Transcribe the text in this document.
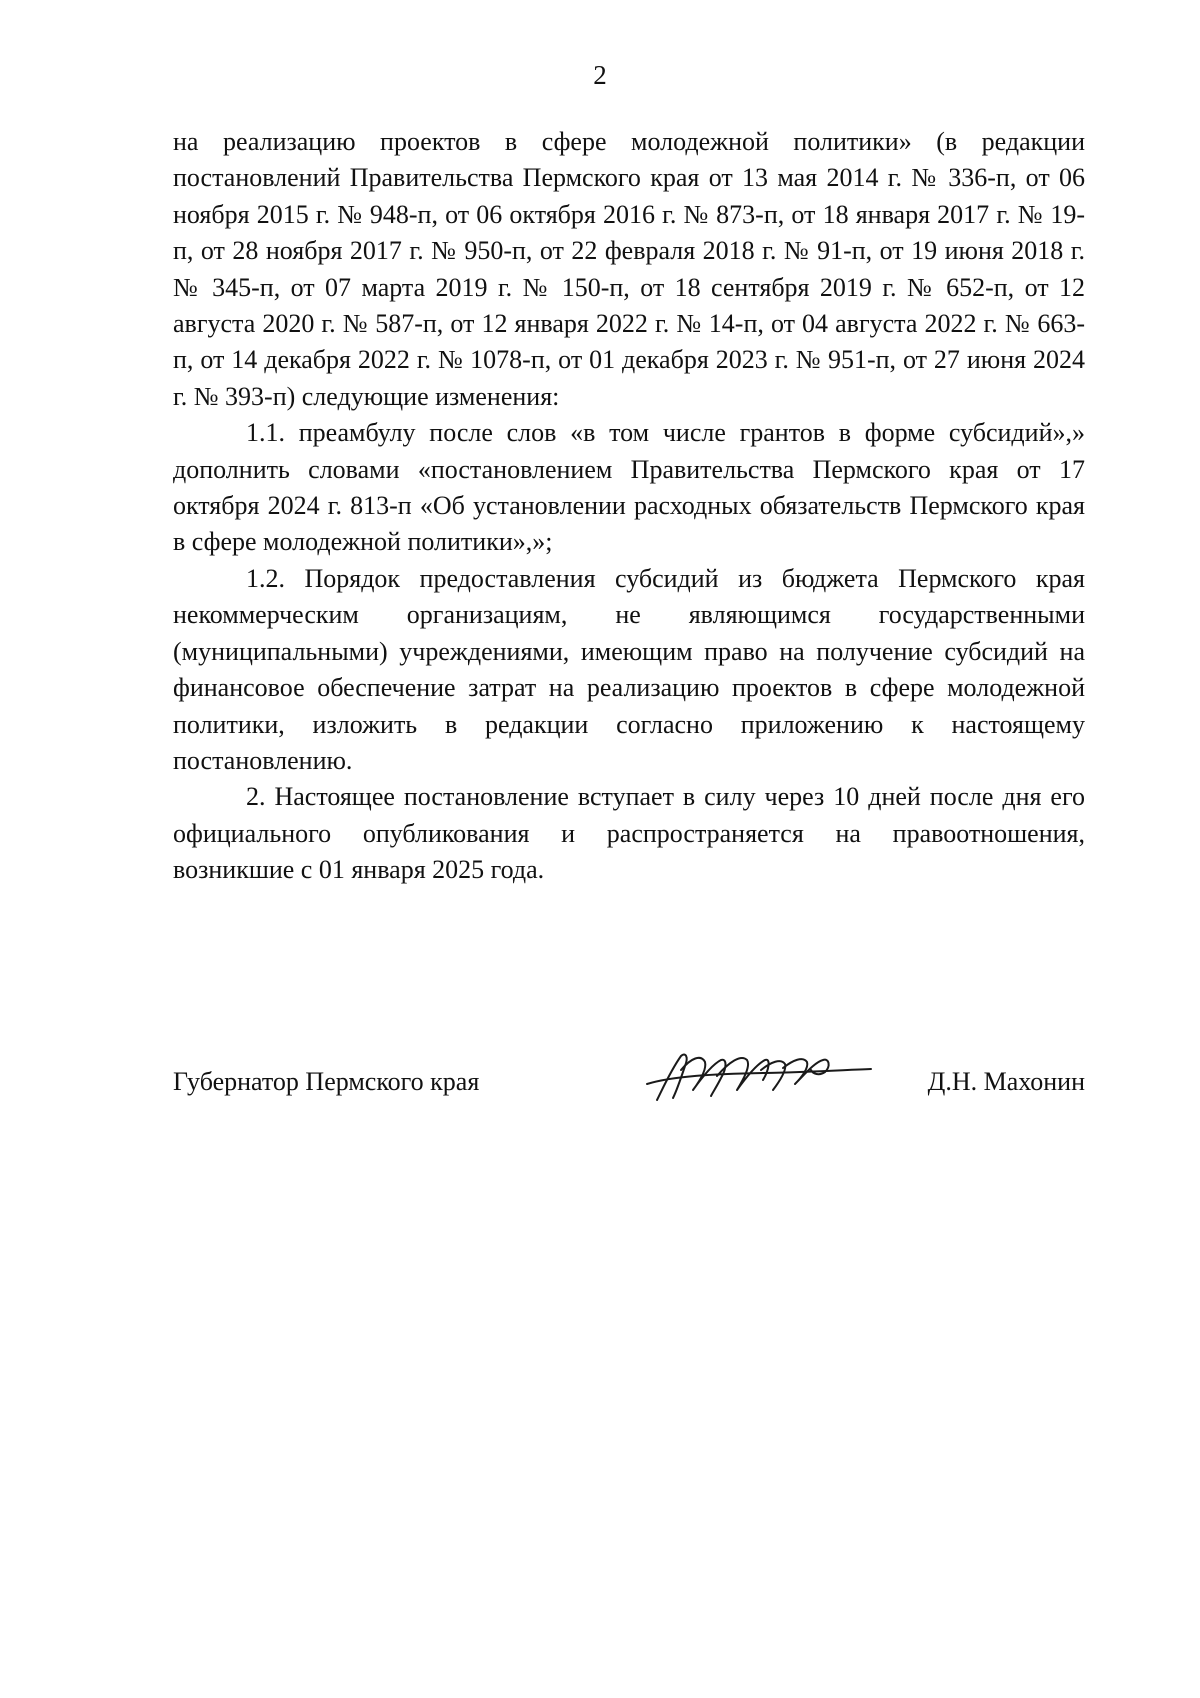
2

на реализацию проектов в сфере молодежной политики» (в редакции постановлений Правительства Пермского края от 13 мая 2014 г. № 336-п, от 06 ноября 2015 г. № 948-п, от 06 октября 2016 г. № 873-п, от 18 января 2017 г. № 19-п, от 28 ноября 2017 г. № 950-п, от 22 февраля 2018 г. № 91-п, от 19 июня 2018 г. № 345-п, от 07 марта 2019 г. № 150-п, от 18 сентября 2019 г. № 652-п, от 12 августа 2020 г. № 587-п, от 12 января 2022 г. № 14-п, от 04 августа 2022 г. № 663-п, от 14 декабря 2022 г. № 1078-п, от 01 декабря 2023 г. № 951-п, от 27 июня 2024 г. № 393-п) следующие изменения:

1.1. преамбулу после слов «в том числе грантов в форме субсидий»,» дополнить словами «постановлением Правительства Пермского края от 17 октября 2024 г. 813-п «Об установлении расходных обязательств Пермского края в сфере молодежной политики»,»;

1.2. Порядок предоставления субсидий из бюджета Пермского края некоммерческим организациям, не являющимся государственными (муниципальными) учреждениями, имеющим право на получение субсидий на финансовое обеспечение затрат на реализацию проектов в сфере молодежной политики, изложить в редакции согласно приложению к настоящему постановлению.

2. Настоящее постановление вступает в силу через 10 дней после дня его официального опубликования и распространяется на правоотношения, возникшие с 01 января 2025 года.

Губернатор Пермского края	Д.Н. Махонин
